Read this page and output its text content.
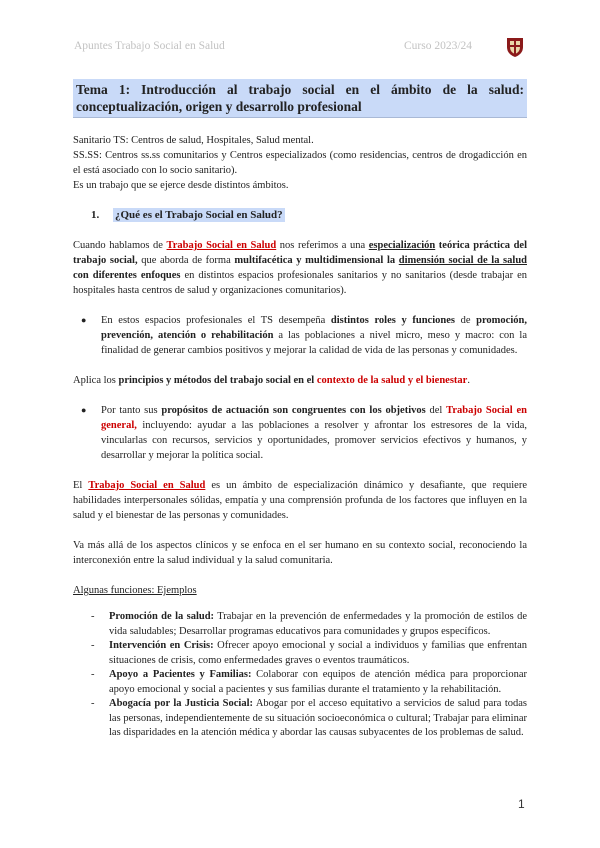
Apuntes Trabajo Social en Salud	Curso 2023/24
Tema 1: Introducción al trabajo social en el ámbito de la salud: conceptualización, origen y desarrollo profesional

Sanitario TS: Centros de salud, Hospitales, Salud mental.

SS.SS: Centros ss.ss comunitarios y Centros especializados (como residencias, centros de drogadicción en el está asociado con lo socio sanitario).

Es un trabajo que se ejerce desde distintos ámbitos.

1. ¿Qué es el Trabajo Social en Salud?

Cuando hablamos de Trabajo Social en Salud nos referimos a una especialización teórica práctica del trabajo social, que aborda de forma multifacética y multidimensional la dimensión social de la salud con diferentes enfoques en distintos espacios profesionales sanitarios y no sanitarios (desde trabajar en hospitales hasta centros de salud y organizaciones comunitarios).

●	En estos espacios profesionales el TS desempeña distintos roles y funciones de promoción, prevención, atención o rehabilitación a las poblaciones a nivel micro, meso y macro: con la finalidad de generar cambios positivos y mejorar la calidad de vida de las personas y comunidades.

Aplica los principios y métodos del trabajo social en el contexto de la salud y el bienestar.

●	Por tanto sus propósitos de actuación son congruentes con los objetivos del Trabajo Social en general, incluyendo: ayudar a las poblaciones a resolver y afrontar los estresores de la vida, vincularlas con recursos, servicios y oportunidades, promover servicios efectivos y humanos, y desarrollar y mejorar la política social.

El Trabajo Social en Salud es un ámbito de especialización dinámico y desafiante, que requiere habilidades interpersonales sólidas, empatía y una comprensión profunda de los factores que influyen en la salud y el bienestar de las personas y comunidades.

Va más allá de los aspectos clínicos y se enfoca en el ser humano en su contexto social, reconociendo la interconexión entre la salud individual y la salud comunitaria.

Algunas funciones: Ejemplos

-	Promoción de la salud: Trabajar en la prevención de enfermedades y la promoción de estilos de vida saludables; Desarrollar programas educativos para comunidades y grupos específicos.

-	Intervención en Crisis: Ofrecer apoyo emocional y social a individuos y familias que enfrentan situaciones de crisis, como enfermedades graves o eventos traumáticos.

-	Apoyo a Pacientes y Familias: Colaborar con equipos de atención médica para proporcionar apoyo emocional y social a pacientes y sus familias durante el tratamiento y la rehabilitación.

-	Abogacía por la Justicia Social: Abogar por el acceso equitativo a servicios de salud para todas las personas, independientemente de su situación socioeconómica o cultural; Trabajar para eliminar las disparidades en la atención médica y abordar las causas subyacentes de los problemas de salud.

1
